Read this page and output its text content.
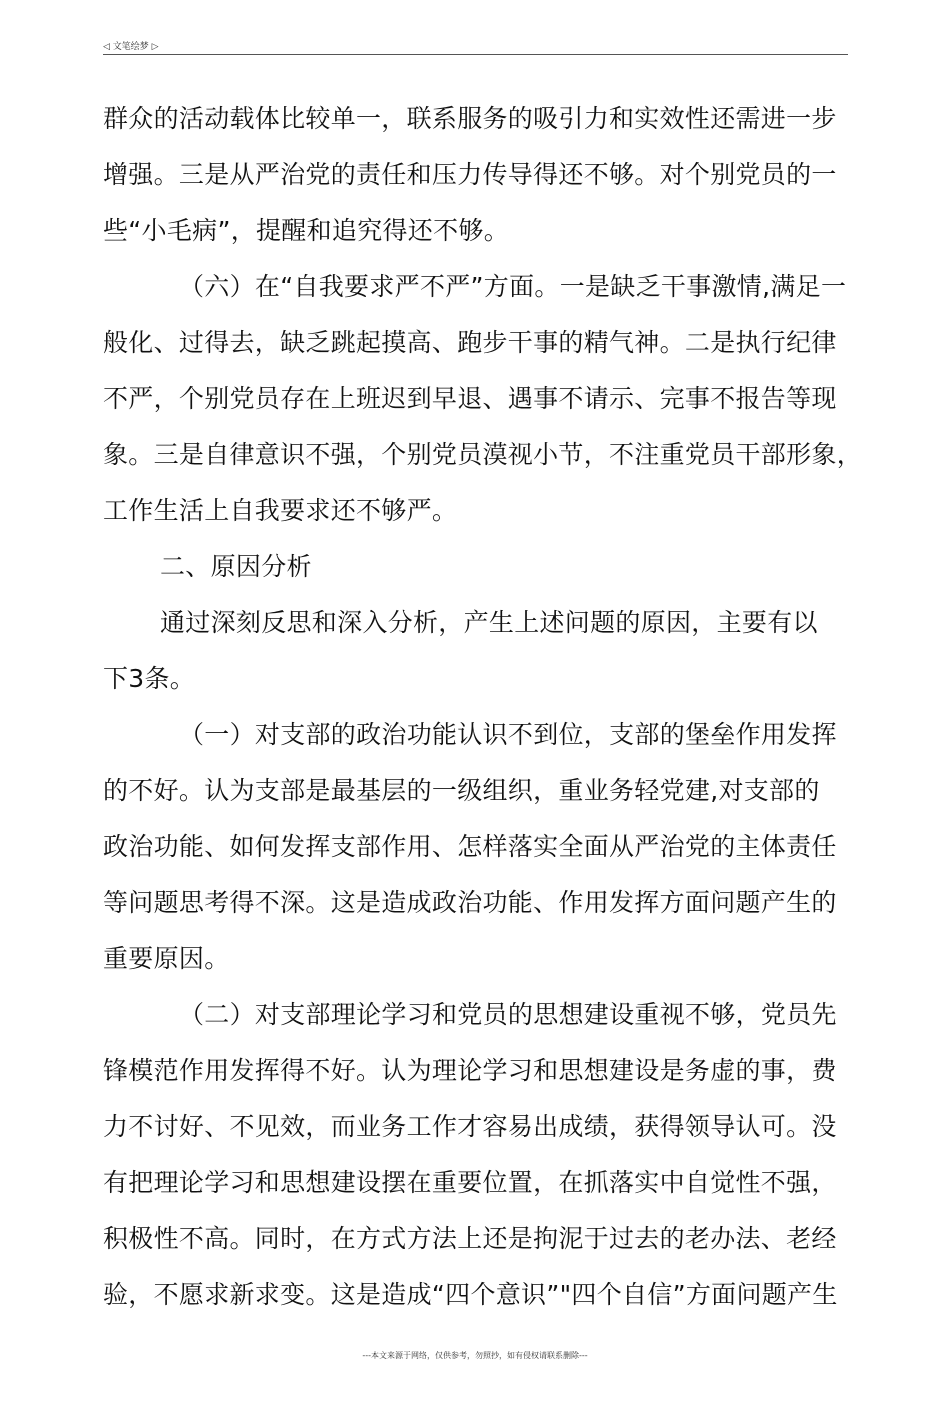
◁ 文笔绘梦 ▷
群众的活动载体比较单一，联系服务的吸引力和实效性还需进一步
增强。三是从严治党的责任和压力传导得还不够。对个别党员的一
些“小毛病”，提醒和追究得还不够。
（六）在“自我要求严不严”方面。一是缺乏干事激情,满足一
般化、过得去，缺乏跳起摸高、跑步干事的精气神。二是执行纪律
不严，个别党员存在上班迟到早退、遇事不请示、完事不报告等现
象。三是自律意识不强，个别党员漠视小节，不注重党员干部形象，
工作生活上自我要求还不够严。
二、原因分析
通过深刻反思和深入分析，产生上述问题的原因，主要有以
下3条。
（一）对支部的政治功能认识不到位，支部的堡垒作用发挥
的不好。认为支部是最基层的一级组织，重业务轻党建,对支部的
政治功能、如何发挥支部作用、怎样落实全面从严治党的主体责任
等问题思考得不深。这是造成政治功能、作用发挥方面问题产生的
重要原因。
（二）对支部理论学习和党员的思想建设重视不够，党员先
锋模范作用发挥得不好。认为理论学习和思想建设是务虚的事，费
力不讨好、不见效，而业务工作才容易出成绩，获得领导认可。没
有把理论学习和思想建设摆在重要位置，在抓落实中自觉性不强，
积极性不高。同时，在方式方法上还是拘泥于过去的老办法、老经
验，不愿求新求变。这是造成“四个意识”"四个自信”方面问题产生
---本文来源于网络，仅供参考，勿照抄，如有侵权请联系删除---
